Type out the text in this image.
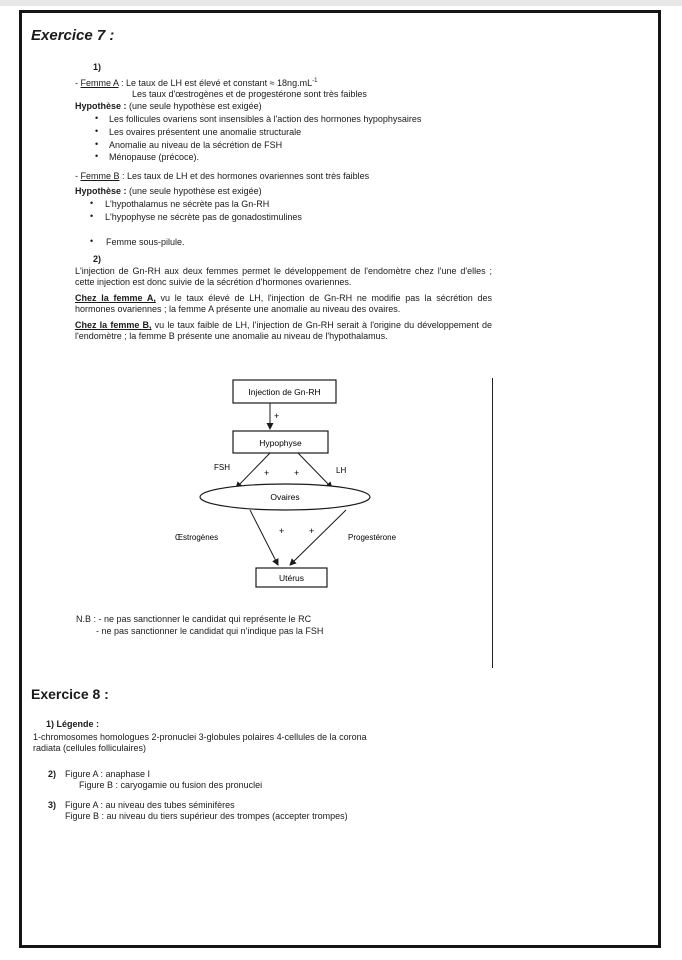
Exercice 7 :
1)
- Femme A : Le taux de LH est élevé et constant ≈ $18ng.mL^{-1}$
Les taux d'œstrogènes et de progestérone sont très faibles
Hypothèse : (une seule hypothèse est exigée)
• Les follicules ovariens sont insensibles à l'action des hormones hypophysaires
• Les ovaires présentent une anomalie structurale
• Anomalie au niveau de la sécrétion de FSH
• Ménopause (précoce).
- Femme B : Les taux de LH et des hormones ovariennes sont très faibles
Hypothèse : (une seule hypothèse est exigée)
• L'hypothalamus ne sécrète pas la Gn-RH
• L'hypophyse ne sécrète pas de gonadostimulines
• Femme sous-pilule.
2)
L'injection de Gn-RH aux deux femmes permet le développement de l'endomètre chez l'une d'elles ; cette injection est donc suivie de la sécrétion d'hormones ovariennes.
Chez la femme A, vu le taux élevé de LH, l'injection de Gn-RH ne modifie pas la sécrétion des hormones ovariennes ; la femme A présente une anomalie au niveau des ovaires.
Chez la femme B, vu le taux faible de LH, l'injection de Gn-RH serait à l'origine du développement de l'endomètre ; la femme B présente une anomalie au niveau de l'hypothalamus.
Injection de Gn-RH
+
Hypophyse
FSH	LH
+	+
Ovaires
Œstrogènes	Progestérone
+	+
Utérus
N.B : - ne pas sanctionner le candidat qui représente le RC
- ne pas sanctionner le candidat qui n'indique pas la FSH
Exercice 8 :
1) Légende :
1-chromosomes homologues 2-pronuclei 3-globules polaires 4-cellules de la corona
radiata (cellules folliculaires)
2) Figure A : anaphase I
Figure B : caryogamie ou fusion des pronuclei
3) Figure A : au niveau des tubes séminifères
Figure B : au niveau du tiers supérieur des trompes (accepter trompes)
